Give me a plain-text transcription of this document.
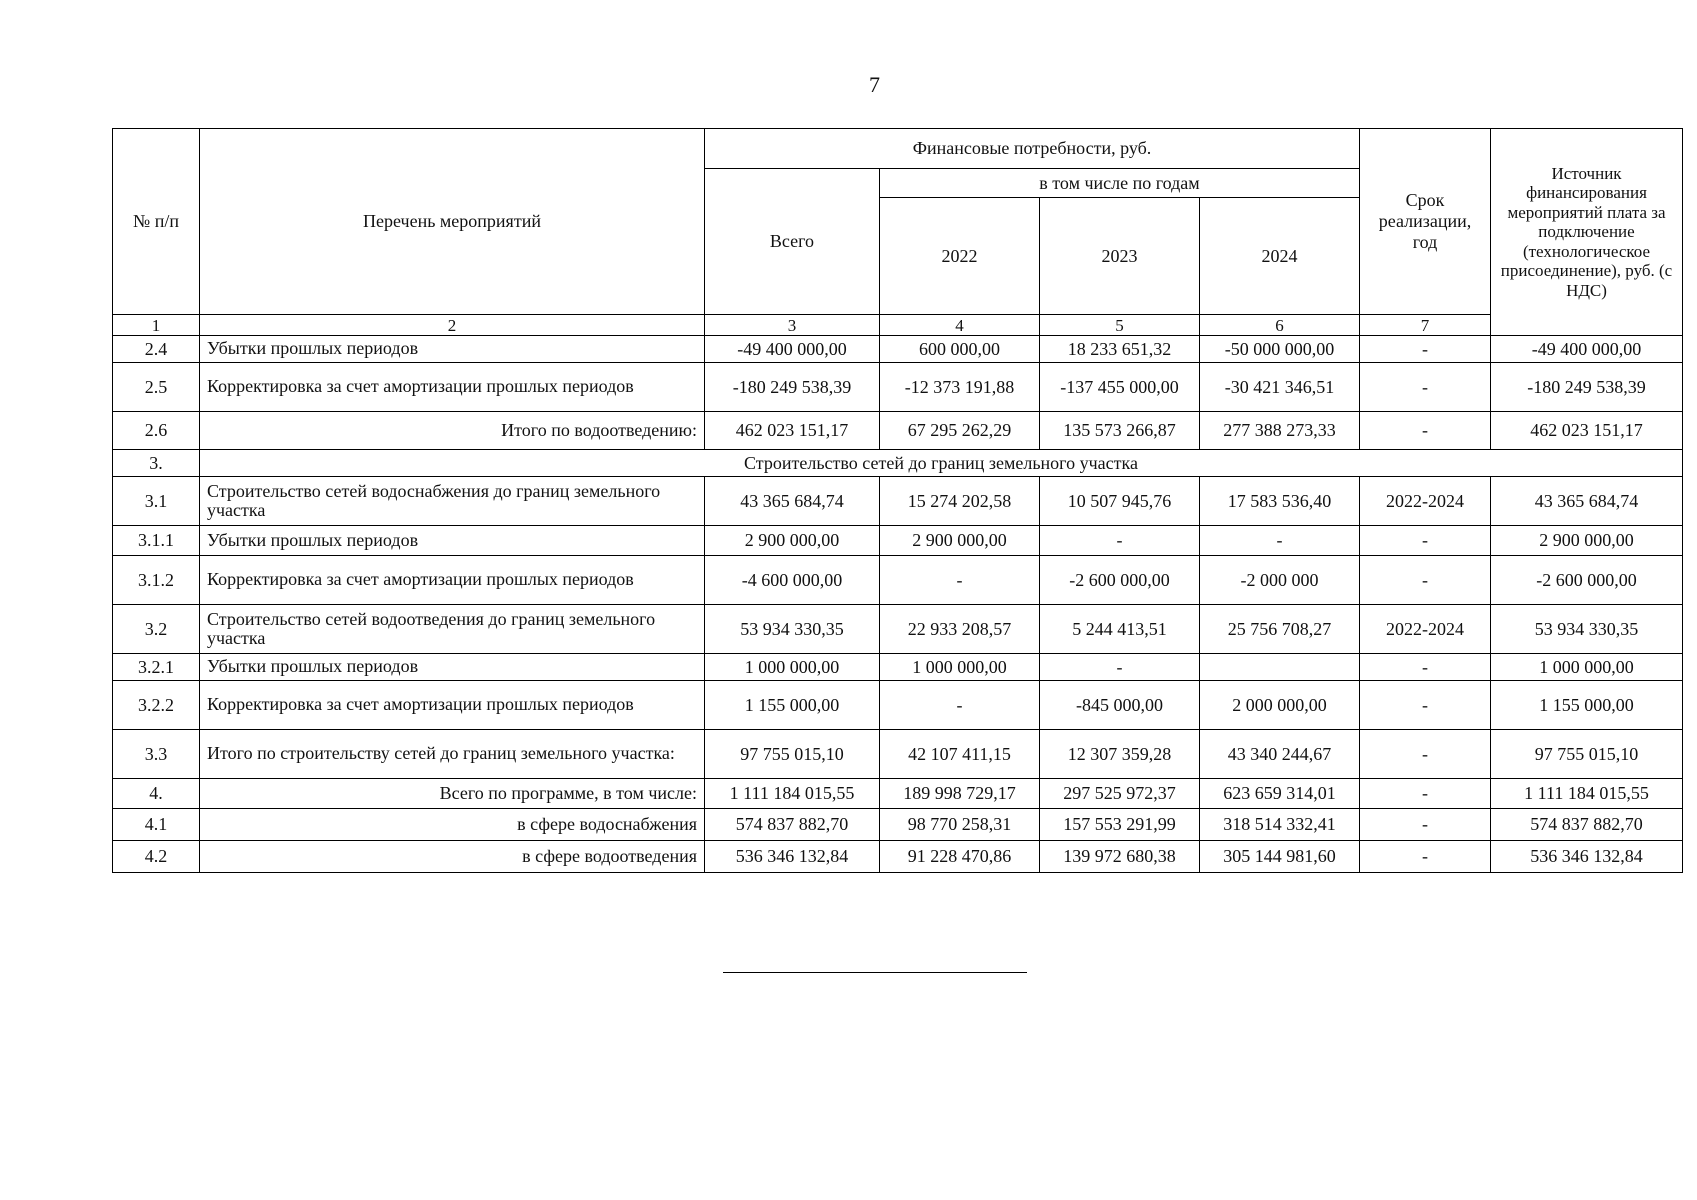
7
№ п/п	Перечень мероприятий	Финансовые потребности, руб.				Срок реализации, год	Источник финансирования мероприятий плата за подключение (технологическое присоединение), руб. (с НДС)
		Всего	в том числе по годам				
			2022	2023	2024		
1	2	3	4	5	6	7	
2.4	Убытки прошлых периодов	-49 400 000,00	600 000,00	18 233 651,32	-50 000 000,00	-	-49 400 000,00
2.5	Корректировка за счет амортизации прошлых периодов	-180 249 538,39	-12 373 191,88	-137 455 000,00	-30 421 346,51	-	-180 249 538,39
2.6	Итого по водоотведению:	462 023 151,17	67 295 262,29	135 573 266,87	277 388 273,33	-	462 023 151,17
3.	Строительство сетей до границ земельного участка						
3.1	Строительство сетей водоснабжения до границ земельного участка	43 365 684,74	15 274 202,58	10 507 945,76	17 583 536,40	2022-2024	43 365 684,74
3.1.1	Убытки прошлых периодов	2 900 000,00	2 900 000,00	-	-	-	2 900 000,00
3.1.2	Корректировка за счет амортизации прошлых периодов	-4 600 000,00	-	-2 600 000,00	-2 000 000	-	-2 600 000,00
3.2	Строительство сетей водоотведения до границ земельного участка	53 934 330,35	22 933 208,57	5 244 413,51	25 756 708,27	2022-2024	53 934 330,35
3.2.1	Убытки прошлых периодов	1 000 000,00	1 000 000,00	-		-	1 000 000,00
3.2.2	Корректировка за счет амортизации прошлых периодов	1 155 000,00	-	-845 000,00	2 000 000,00	-	1 155 000,00
3.3	Итого по строительству сетей до границ земельного участка:	97 755 015,10	42 107 411,15	12 307 359,28	43 340 244,67	-	97 755 015,10
4.	Всего по программе, в том числе:	1 111 184 015,55	189 998 729,17	297 525 972,37	623 659 314,01	-	1 111 184 015,55
4.1	в сфере водоснабжения	574 837 882,70	98 770 258,31	157 553 291,99	318 514 332,41	-	574 837 882,70
4.2	в сфере водоотведения	536 346 132,84	91 228 470,86	139 972 680,38	305 144 981,60	-	536 346 132,84
